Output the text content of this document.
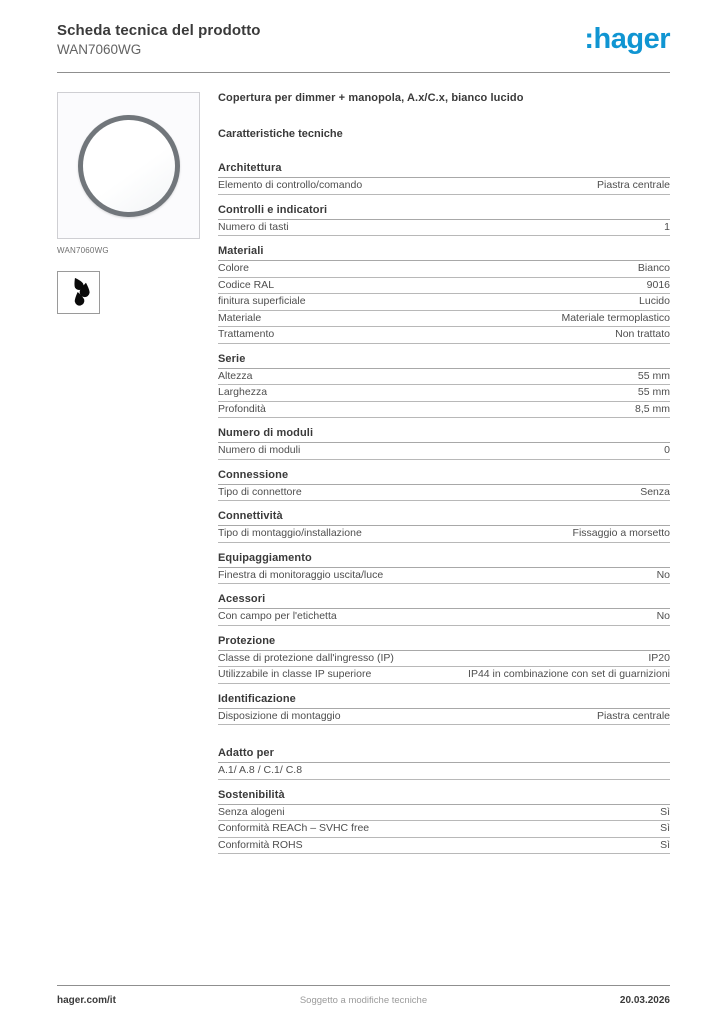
Scheda tecnica del prodotto
WAN7060WG	:hager
WAN7060WG
Copertura per dimmer + manopola, A.x/C.x, bianco lucido
Caratteristiche tecniche
Architettura
Elemento di controllo/comando	Piastra centrale
Controlli e indicatori
Numero di tasti	1
Materiali
Colore	Bianco
Codice RAL	9016
finitura superficiale	Lucido
Materiale	Materiale termoplastico
Trattamento	Non trattato
Serie
Altezza	55 mm
Larghezza	55 mm
Profondità	8,5 mm
Numero di moduli
Numero di moduli	0
Connessione
Tipo di connettore	Senza
Connettività
Tipo di montaggio/installazione	Fissaggio a morsetto
Equipaggiamento
Finestra di monitoraggio uscita/luce	No
Acessori
Con campo per l'etichetta	No
Protezione
Classe di protezione dall'ingresso (IP)	IP20
Utilizzabile in classe IP superiore	IP44 in combinazione con set di guarnizioni
Identificazione
Disposizione di montaggio	Piastra centrale
Adatto per
A.1/ A.8 / C.1/ C.8
Sostenibilità
Senza alogeni	Sì
Conformità REACh – SVHC free	Sì
Conformità ROHS	Sì
hager.com/it	Soggetto a modifiche tecniche	20.03.2026
